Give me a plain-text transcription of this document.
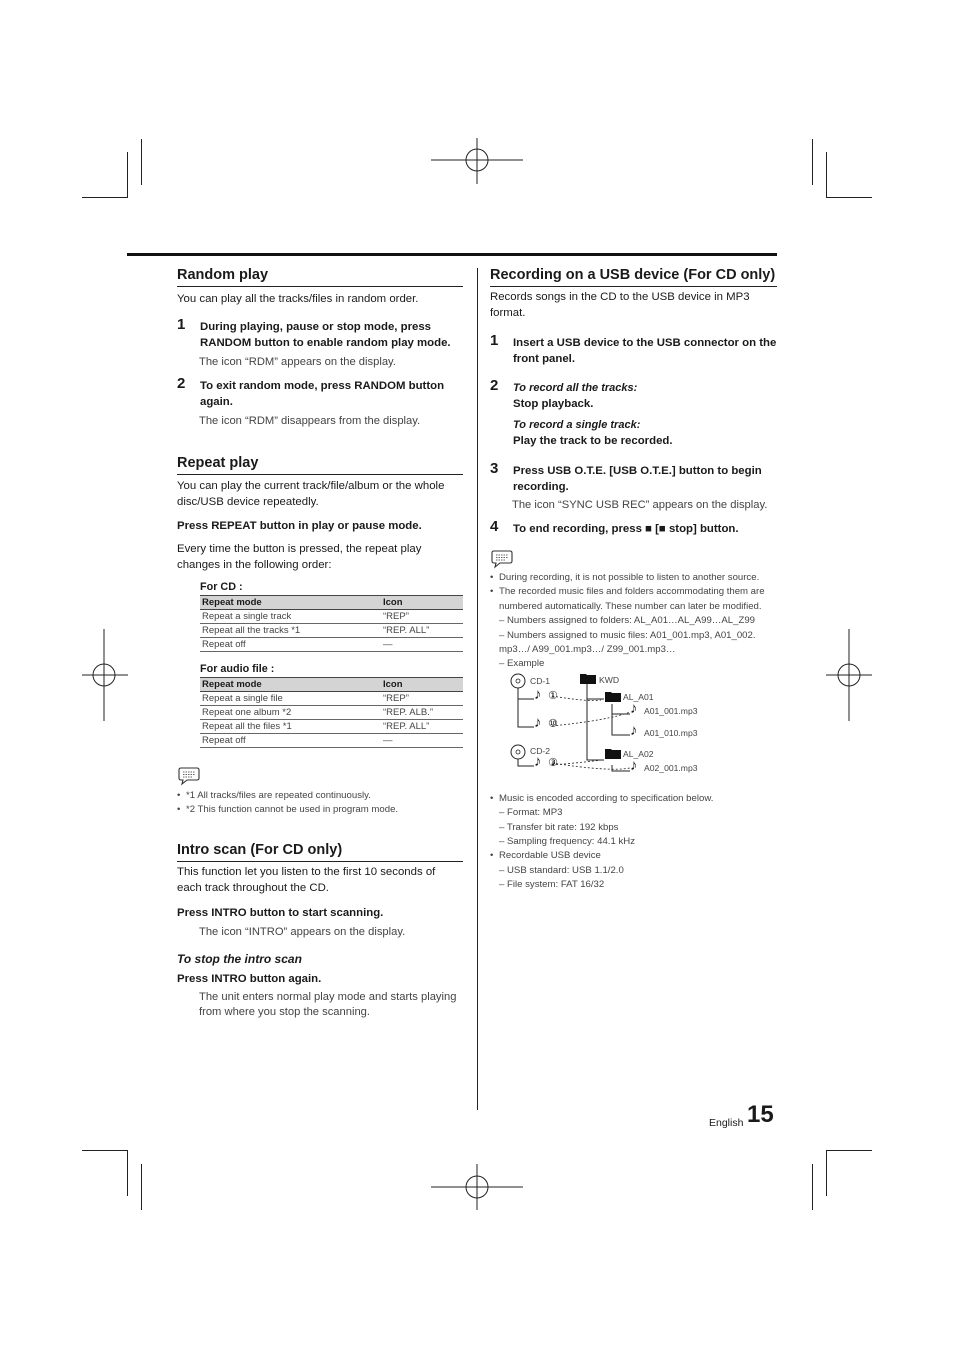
Random play

You can play all the tracks/files in random order.

1 During playing, pause or stop mode, press RANDOM button to enable random play mode.

The icon “RDM” appears on the display.

2 To exit random mode, press RANDOM button again.

The icon “RDM” disappears from the display.

Repeat play

You can play the current track/file/album or the whole disc/USB device repeatedly.

Press REPEAT button in play or pause mode.

Every time the button is pressed, the repeat play changes in the following order:

For CD :

Repeat mode	Icon
Repeat a single track	“REP”
Repeat all the tracks *1	“REP. ALL”
Repeat off	—

For audio file :

Repeat mode	Icon
Repeat a single file	“REP”
Repeat one album *2	“REP. ALB.”
Repeat all the files *1	“REP. ALL”
Repeat off	—
• *1 All tracks/files are repeated continuously.
• *2 This function cannot be used in program mode.
Intro scan (For CD only)

This function let you listen to the first 10 seconds of each track throughout the CD.

Press INTRO button to start scanning.

The icon “INTRO” appears on the display.

To stop the intro scan

Press INTRO button again.

The unit enters normal play mode and starts playing from where you stop the scanning.

Recording on a USB device (For CD only)

Records songs in the CD to the USB device in MP3 format.

1 Insert a USB device to the USB connector on the front panel.

2 To record all the tracks:

Stop playback.

To record a single track:

Play the track to be recorded.

3 Press USB O.T.E. [USB O.T.E.] button to begin recording.

The icon “SYNC USB REC” appears on the display.

4 To end recording, press ■ [■ stop] button.

• During recording, it is not possible to listen to another source.
• The recorded music files and folders accommodating them are numbered automatically. These number can later be modified.
– Numbers assigned to folders: AL_A01…AL_A99…AL_Z99
– Numbers assigned to music files: A01_001.mp3, A01_002. mp3…/ A99_001.mp3…/ Z99_001.mp3…
– Example
CD-1
CD-2
KWD
AL_A01
AL_A02
♪ ①
♪ ⑩
♪ ③
♪ A01_001.mp3
♪ A01_010.mp3
♪ A02_001.mp3
• Music is encoded according to specification below.
– Format: MP3
– Transfer bit rate: 192 kbps
– Sampling frequency: 44.1 kHz
• Recordable USB device
– USB standard: USB 1.1/2.0
– File system: FAT 16/32
English 15
